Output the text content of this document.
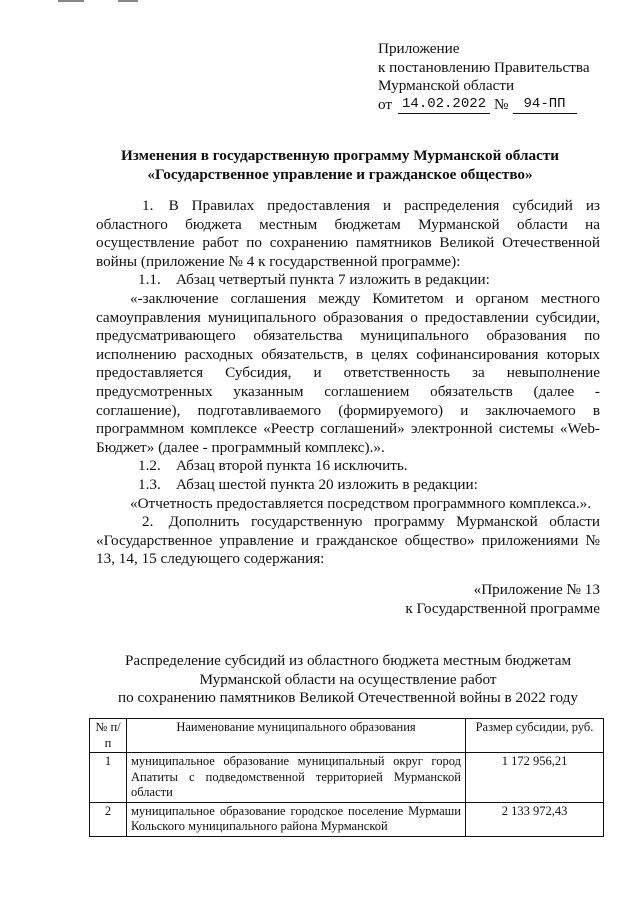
Приложение
к постановлению Правительства
Мурманской области
от 14.02.2022 №	94-ПП
Изменения в государственную программу Мурманской области
«Государственное управление и гражданское общество»

1. В Правилах предоставления и распределения субсидий из областного бюджета местным бюджетам Мурманской области на осуществление работ по сохранению памятников Великой Отечественной войны (приложение № 4 к государственной программе):

1.1. Абзац четвертый пункта 7 изложить в редакции:

«-заключение соглашения между Комитетом и органом местного самоуправления муниципального образования о предоставлении субсидии, предусматривающего обязательства муниципального образования по исполнению расходных обязательств, в целях софинансирования которых предоставляется Субсидия, и ответственность за невыполнение предусмотренных указанным соглашением обязательств (далее - соглашение), подготавливаемого (формируемого) и заключаемого в программном комплексе «Реестр соглашений» электронной системы «Web-Бюджет» (далее - программный комплекс).».

1.2. Абзац второй пункта 16 исключить.

1.3. Абзац шестой пункта 20 изложить в редакции:

«Отчетность предоставляется посредством программного комплекса.».

2. Дополнить государственную программу Мурманской области «Государственное управление и гражданское общество» приложениями № 13, 14, 15 следующего содержания:

«Приложение № 13
к Государственной программе
Распределение субсидий из областного бюджета местным бюджетам
Мурманской области на осуществление работ
по сохранению памятников Великой Отечественной войны в 2022 году
№ п/п	Наименование муниципального образования	Размер субсидии, руб.
1	муниципальное образование муниципальный округ город Апатиты с подведомственной территорией Мурманской области	1 172 956,21
2	муниципальное образование городское поселение Мурмаши Кольского муниципального района Мурманской	2 133 972,43
